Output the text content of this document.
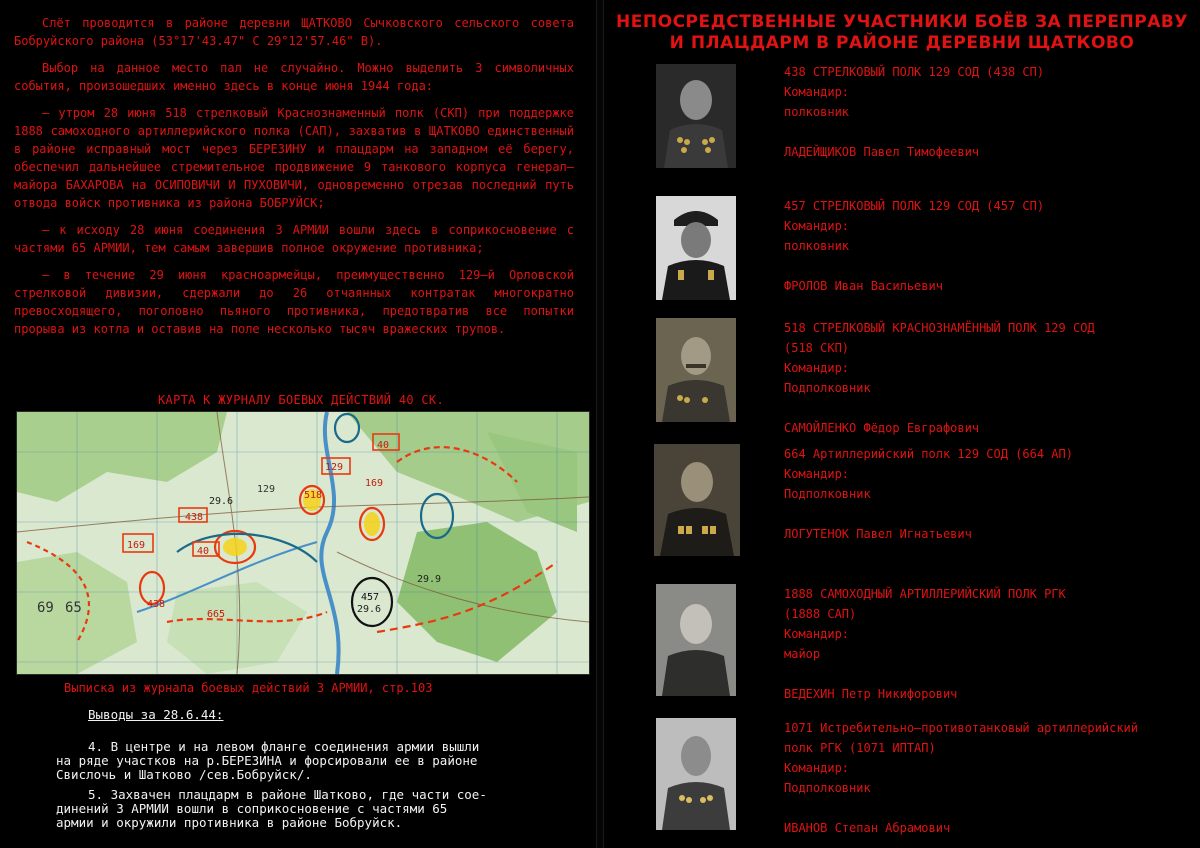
Слёт проводится в районе деревни ЩАТКОВО Сычковского сельского совета Бобруйского района (53°17'43.47" С 29°12'57.46" В).

Выбор на данное место пал не случайно. Можно выделить 3 символичных события, произошедших именно здесь в конце июня 1944 года:

– утром 28 июня 518 стрелковый Краснознаменный полк (СКП) при поддержке 1888 самоходного артиллерийского полка (САП), захватив в ЩАТКОВО единственный в районе исправный мост через БЕРЕЗИНУ и плацдарм на западном её берегу, обеспечил дальнейшее стремительное продвижение 9 танкового корпуса генерал–майора БАХАРОВА на ОСИПОВИЧИ И ПУХОВИЧИ, одновременно отрезав последний путь отвода войск противника из района БОБРУЙСК;

– к исходу 28 июня соединения 3 АРМИИ вошли здесь в соприкосновение с частями 65 АРМИИ, тем самым завершив полное окружение противника;

– в течение 29 июня красноармейцы, преимущественно 129–й Орловской стрелковой дивизии, сдержали до 26 отчаянных контратак многократно превосходящего, поголовно пьяного противника, предотвратив все попытки прорыва из котла и оставив на поле несколько тысяч вражеских трупов.

КАРТА К ЖУРНАЛУ БОЕВЫХ ДЕЙСТВИЙ 40 СК.
129
518
169
169
40
40
457
438
29.6
29.6
69 65	665
438
129
29.9
Выписка из журнала боевых действий 3 АРМИИ, стр.103
Выводы за 28.6.44:
4. В центре и на левом фланге соединения армии вышли
на ряде участков на р.БЕРЕЗИНА и форсировали ее в районе
Свислочь и Шатково /сев.Бобруйск/.
5. Захвачен плацдарм в районе Шатково, где части сое-
динений 3 АРМИИ вошли в соприкосновение с частями 65
армии и окружили противника в районе Бобруйск.
НЕПОСРЕДСТВЕННЫЕ УЧАСТНИКИ БОЁВ ЗА ПЕРЕПРАВУ
И ПЛАЦДАРМ В РАЙОНЕ ДЕРЕВНИ ЩАТКОВО
438 СТРЕЛКОВЫЙ ПОЛК 129 СОД (438 СП)
Командир:
полковник
ЛАДЕЙЩИКОВ Павел Тимофеевич
457 СТРЕЛКОВЫЙ ПОЛК 129 СОД (457 СП)
Командир:
полковник
ФРОЛОВ Иван Васильевич
518 СТРЕЛКОВЫЙ КРАСНОЗНАМЁННЫЙ ПОЛК 129 СОД
(518 СКП)
Командир:
Подполковник
САМОЙЛЕНКО Фёдор Евграфович
664 Артиллерийский полк 129 СОД (664 АП)
Командир:
Подполковник
ЛОГУТЕНОК Павел Игнатьевич
1888 САМОХОДНЫЙ АРТИЛЛЕРИЙСКИЙ ПОЛК РГК
(1888 САП)
Командир:
майор
ВЕДЕХИН Петр Никифорович
1071 Истребительно–противотанковый артиллерийский
полк РГК (1071 ИПТАП)
Командир:
Подполковник
ИВАНОВ Степан Абрамович
